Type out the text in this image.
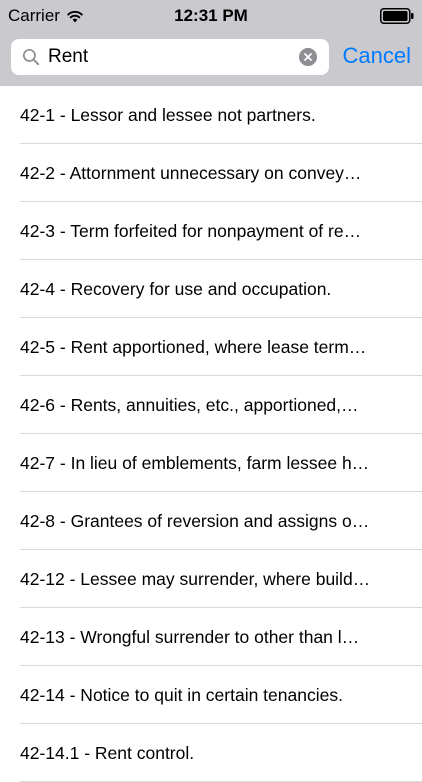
Carrier	12:31 PM
Rent
Cancel
42-1 - Lessor and lessee not partners.
42-2 - Attornment unnecessary on convey…
42-3 - Term forfeited for nonpayment of re…
42-4 - Recovery for use and occupation.
42-5 - Rent apportioned, where lease term…
42-6 - Rents, annuities, etc., apportioned,…
42-7 - In lieu of emblements, farm lessee h…
42-8 - Grantees of reversion and assigns o…
42-12 - Lessee may surrender, where build…
42-13 - Wrongful surrender to other than l…
42-14 - Notice to quit in certain tenancies.
42-14.1 - Rent control.
